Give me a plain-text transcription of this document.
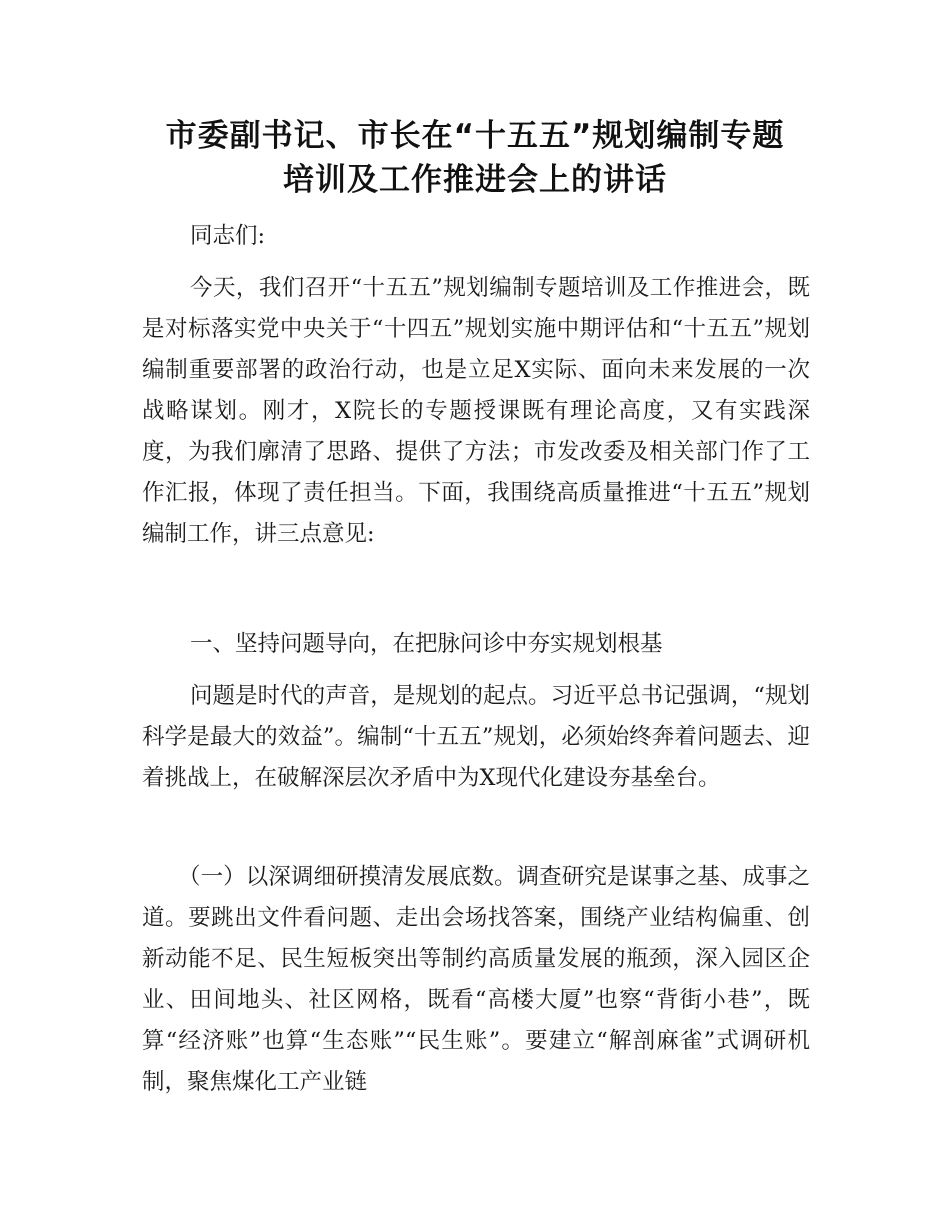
市委副书记、市长在“十五五”规划编制专题
培训及工作推进会上的讲话

同志们:

今天，我们召开“十五五”规划编制专题培训及工作推进会，既是对标落实党中央关于“十四五”规划实施中期评估和“十五五”规划编制重要部署的政治行动，也是立足X实际、面向未来发展的一次战略谋划。刚才，X院长的专题授课既有理论高度，又有实践深度，为我们廓清了思路、提供了方法；市发改委及相关部门作了工作汇报，体现了责任担当。下面，我围绕高质量推进“十五五”规划编制工作，讲三点意见:

一、坚持问题导向，在把脉问诊中夯实规划根基

问题是时代的声音，是规划的起点。习近平总书记强调，“规划科学是最大的效益”。编制“十五五”规划，必须始终奔着问题去、迎着挑战上，在破解深层次矛盾中为X现代化建设夯基垒台。

（一）以深调细研摸清发展底数。调查研究是谋事之基、成事之道。要跳出文件看问题、走出会场找答案，围绕产业结构偏重、创新动能不足、民生短板突出等制约高质量发展的瓶颈，深入园区企业、田间地头、社区网格，既看“高楼大厦”也察“背街小巷”，既算“经济账”也算“生态账”“民生账”。要建立“解剖麻雀”式调研机制，聚焦煤化工产业链
